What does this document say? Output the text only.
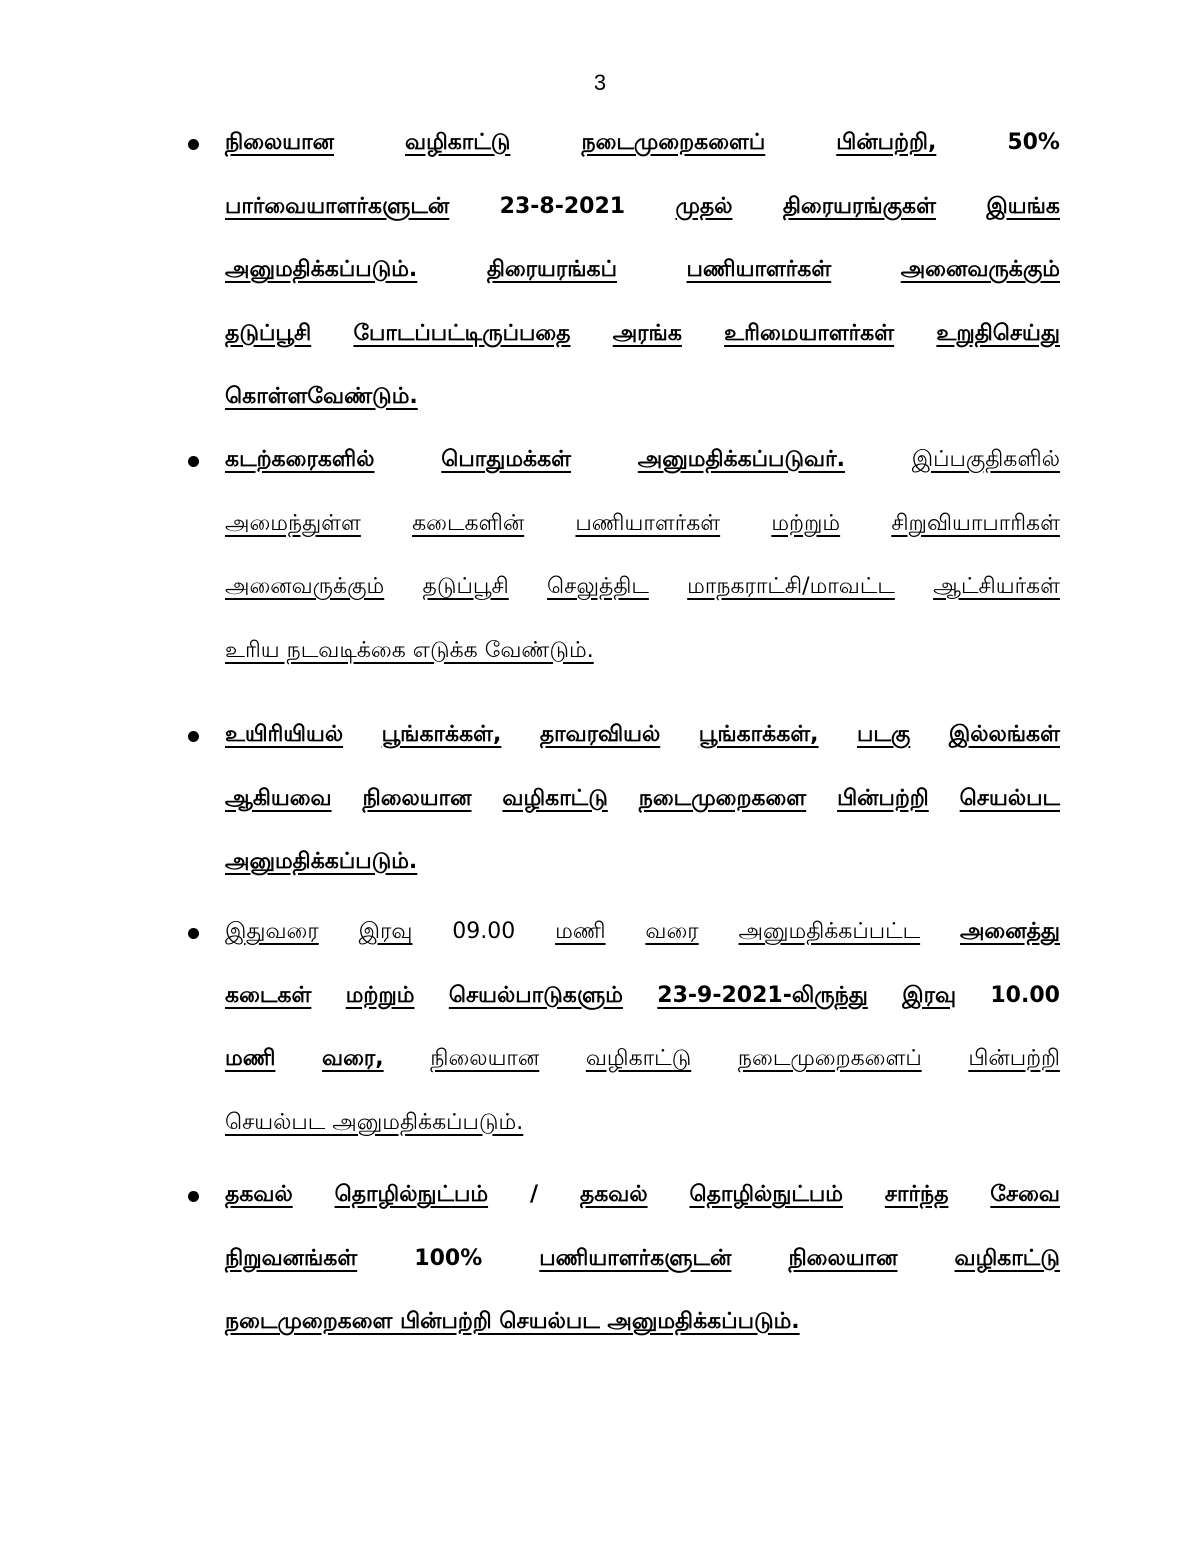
3
நிலையான	வழிகாட்டு	நடைமுறைகளைப்	பின்பற்றி,	50%
பார்வையாளர்களுடன் 23-8-2021 முதல் திரையரங்குகள் இயங்க
அனுமதிக்கப்படும்.	திரையரங்கப்	பணியாளர்கள்	அனைவருக்கும்
தடுப்பூசி போடப்பட்டிருப்பதை அரங்க உரிமையாளர்கள் உறுதிசெய்து
கொள்ளவேண்டும்.
கடற்கரைகளில்	பொதுமக்கள்	அனுமதிக்கப்படுவர்.	இப்பகுதிகளில்
அமைந்துள்ள கடைகளின் பணியாளர்கள் மற்றும் சிறுவியாபாரிகள்
அனைவருக்கும் தடுப்பூசி செலுத்திட மாநகராட்சி/மாவட்ட ஆட்சியர்கள்
உரிய நடவடிக்கை எடுக்க வேண்டும்.
உயிரியியல் பூங்காக்கள், தாவரவியல் பூங்காக்கள், படகு இல்லங்கள்
ஆகியவை நிலையான வழிகாட்டு நடைமுறைகளை பின்பற்றி செயல்பட
அனுமதிக்கப்படும்.
இதுவரை இரவு 09.00 மணி வரை அனுமதிக்கப்பட்ட அனைத்து
கடைகள் மற்றும் செயல்பாடுகளும் 23-9-2021-லிருந்து இரவு 10.00
மணி வரை, நிலையான வழிகாட்டு நடைமுறைகளைப் பின்பற்றி
செயல்பட அனுமதிக்கப்படும்.
தகவல் தொழில்நுட்பம் / தகவல் தொழில்நுட்பம் சார்ந்த சேவை
நிறுவனங்கள்	100%	பணியாளர்களுடன்	நிலையான	வழிகாட்டு
நடைமுறைகளை பின்பற்றி செயல்பட அனுமதிக்கப்படும்.
